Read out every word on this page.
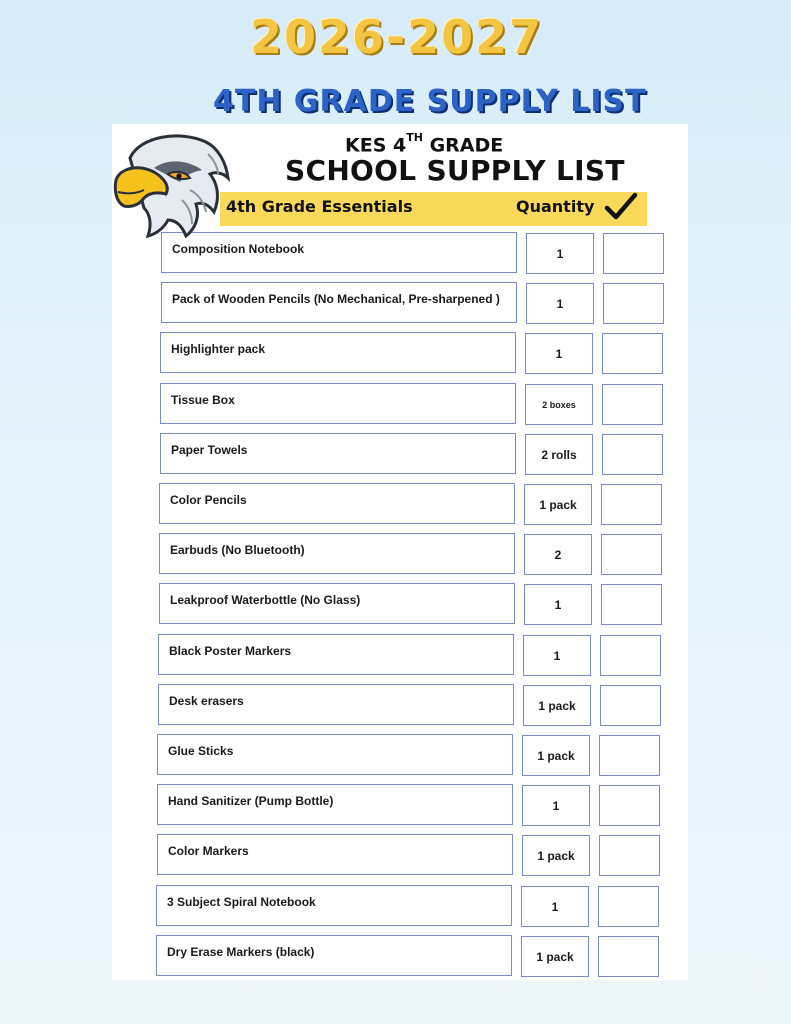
2026-2027
4TH GRADE SUPPLY LIST
KES 4TH GRADE
SCHOOL SUPPLY LIST
4th Grade Essentials	Quantity
Composition Notebook	1
Pack of Wooden Pencils (No Mechanical, Pre-sharpened )	1
Highlighter pack	1
Tissue Box	2 boxes
Paper Towels	2 rolls
Color Pencils	1 pack
Earbuds (No Bluetooth)	2
Leakproof Waterbottle (No Glass)	1
Black Poster Markers	1
Desk erasers	1 pack
Glue Sticks	1 pack
Hand Sanitizer (Pump Bottle)	1
Color Markers	1 pack
3 Subject Spiral Notebook	1
Dry Erase Markers (black)	1 pack
